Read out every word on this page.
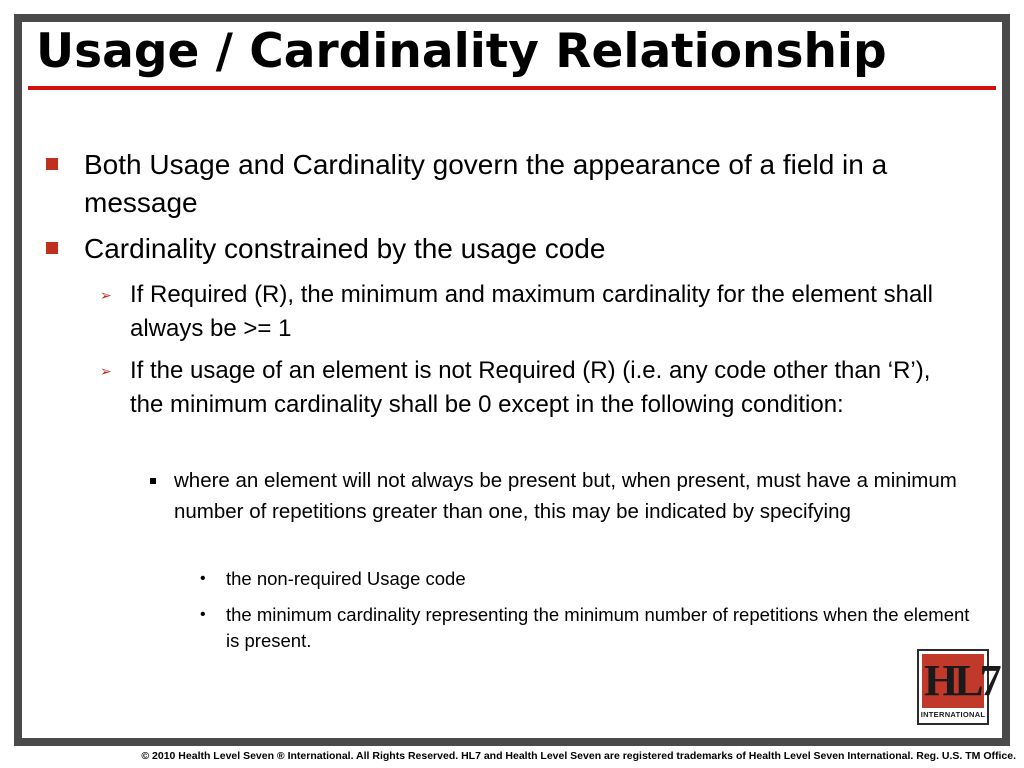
Usage / Cardinality Relationship
Both Usage and Cardinality govern the appearance of a field in a message
Cardinality constrained by the usage code
➢ If Required (R), the minimum and maximum cardinality for the element shall always be >= 1
➢ If the usage of an element is not Required (R) (i.e. any code other than ‘R’), the minimum cardinality shall be 0 except in the following condition:
where an element will not always be present but, when present, must have a minimum number of repetitions greater than one, this may be indicated by specifying
• the non-required Usage code
• the minimum cardinality representing the minimum number of repetitions when the element is present.
HL7
INTERNATIONAL
© 2010 Health Level Seven ® International. All Rights Reserved. HL7 and Health Level Seven are registered trademarks of Health Level Seven International. Reg. U.S. TM Office.
